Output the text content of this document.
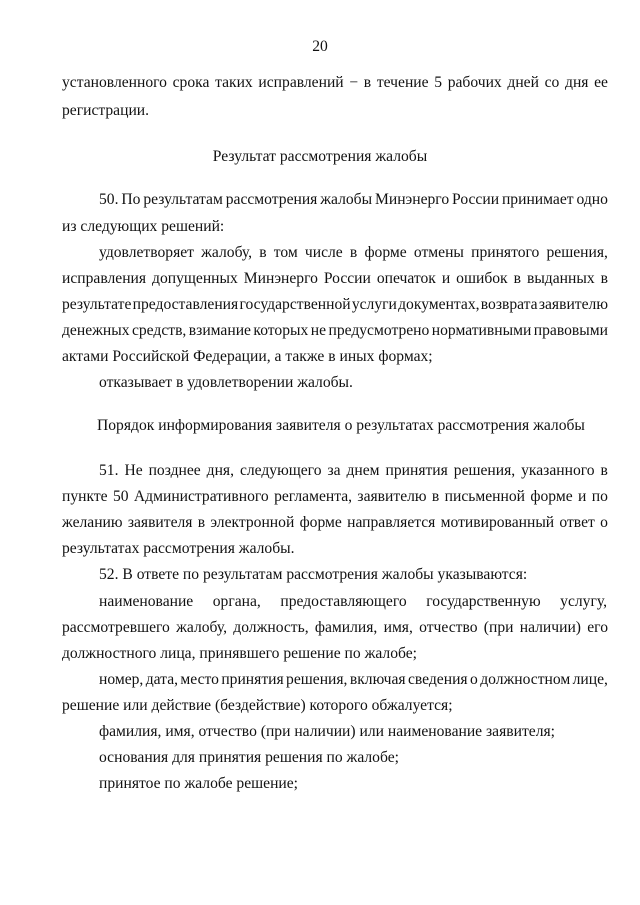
20
установленного срока таких исправлений − в течение 5 рабочих дней со дня ее
регистрации.
Результат рассмотрения жалобы
50. По результатам рассмотрения жалобы Минэнерго России принимает одно
из следующих решений:
удовлетворяет жалобу, в том числе в форме отмены принятого решения,
исправления допущенных Минэнерго России опечаток и ошибок в выданных в
результате предоставления государственной услуги документах, возврата заявителю
денежных средств, взимание которых не предусмотрено нормативными правовыми
актами Российской Федерации, а также в иных формах;
отказывает в удовлетворении жалобы.
Порядок информирования заявителя о результатах рассмотрения жалобы
51. Не позднее дня, следующего за днем принятия решения, указанного в
пункте 50 Административного регламента, заявителю в письменной форме и по
желанию заявителя в электронной форме направляется мотивированный ответ о
результатах рассмотрения жалобы.
52. В ответе по результатам рассмотрения жалобы указываются:
наименование органа, предоставляющего государственную услугу,
рассмотревшего жалобу, должность, фамилия, имя, отчество (при наличии) его
должностного лица, принявшего решение по жалобе;
номер, дата, место принятия решения, включая сведения о должностном лице,
решение или действие (бездействие) которого обжалуется;
фамилия, имя, отчество (при наличии) или наименование заявителя;
основания для принятия решения по жалобе;
принятое по жалобе решение;
